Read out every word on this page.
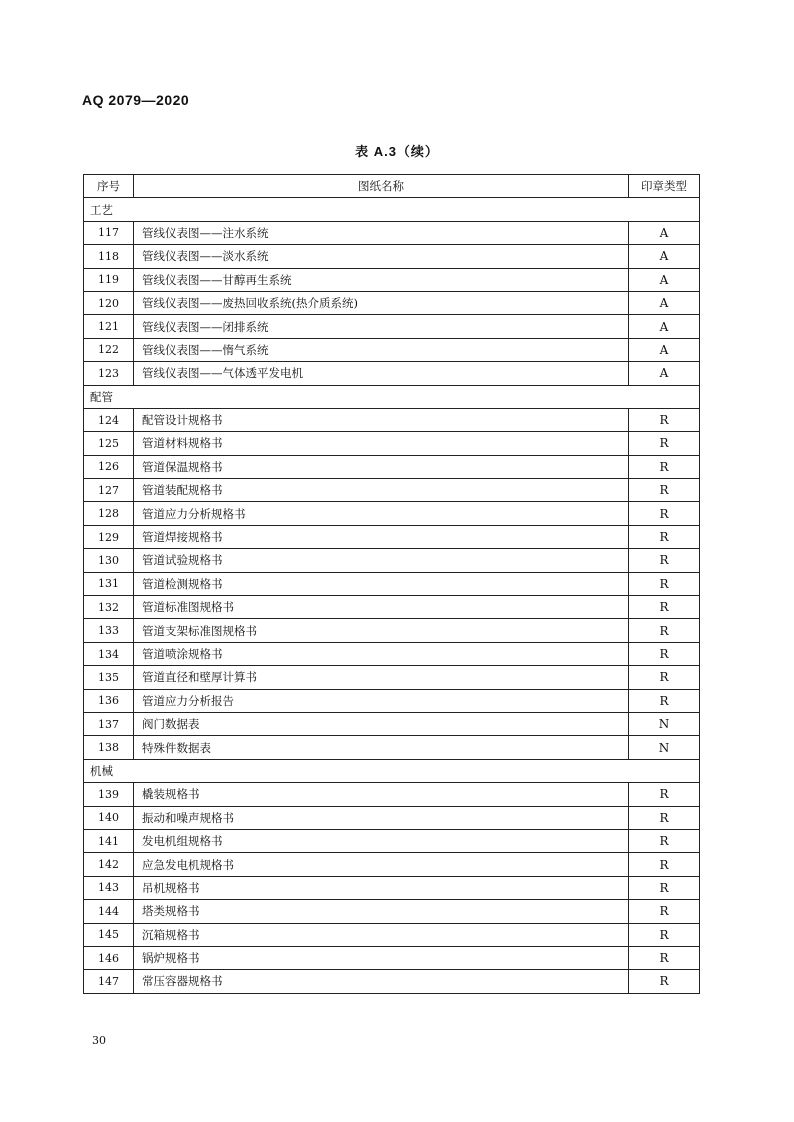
AQ 2079—2020
表 A.3（续）
序号	图纸名称	印章类型
工艺		
117	管线仪表图——注水系统	A
118	管线仪表图——淡水系统	A
119	管线仪表图——甘醇再生系统	A
120	管线仪表图——废热回收系统(热介质系统)	A
121	管线仪表图——闭排系统	A
122	管线仪表图——惰气系统	A
123	管线仪表图——气体透平发电机	A
配管		
124	配管设计规格书	R
125	管道材料规格书	R
126	管道保温规格书	R
127	管道装配规格书	R
128	管道应力分析规格书	R
129	管道焊接规格书	R
130	管道试验规格书	R
131	管道检测规格书	R
132	管道标准图规格书	R
133	管道支架标准图规格书	R
134	管道喷涂规格书	R
135	管道直径和壁厚计算书	R
136	管道应力分析报告	R
137	阀门数据表	N
138	特殊件数据表	N
机械		
139	橇装规格书	R
140	振动和噪声规格书	R
141	发电机组规格书	R
142	应急发电机规格书	R
143	吊机规格书	R
144	塔类规格书	R
145	沉箱规格书	R
146	锅炉规格书	R
147	常压容器规格书	R
30
